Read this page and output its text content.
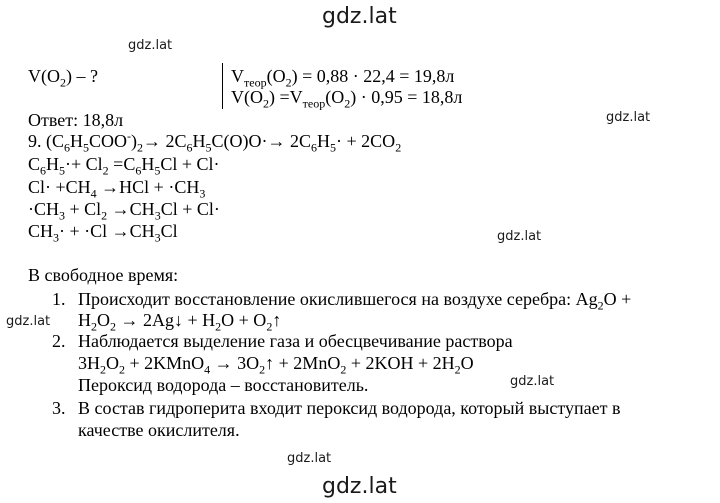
gdz.lat
gdz.lat
gdz.lat
gdz.lat
gdz.lat
gdz.lat
gdz.lat
gdz.lat
$V(O_2)$ – ?	$V_{теор}(O_2) = 0,88 \cdot 22,4 = 19,8л$
$V(O_2) =V_{теор}(O_2) \cdot 0,95 = 18,8л$
Ответ: 18,8л
9. $(C_6H_5COO^-)_2\to 2C_6H_5C(O)O\cdot\to 2C_6H_5\cdot + 2CO_2$
$C_6H_5\cdot+ Cl_2 =C_6H_5Cl + Cl\cdot$
$Cl\cdot +CH_4 \to HCl + \cdot CH_3$
$\cdot CH_3 + Cl_2 \to CH_3Cl + Cl\cdot$
$CH_3\cdot + \cdot Cl \to CH_3Cl$
В свободное время:
1. Происходит восстановление окислившегося на воздухе серебра: $Ag_2O$ +
$H_2O_2$ → 2Ag↓ + $H_2O$ + $O_2↑$
2. Наблюдается выделение газа и обесцвечивание раствора
$3H_2O_2$ + 2KMnO$_4$ → $3O_2↑ + 2MnO_2 + 2KOH + 2H_2O$
Пероксид водорода – восстановитель.
3. В состав гидроперита входит пероксид водорода, который выступает в
качестве окислителя.
